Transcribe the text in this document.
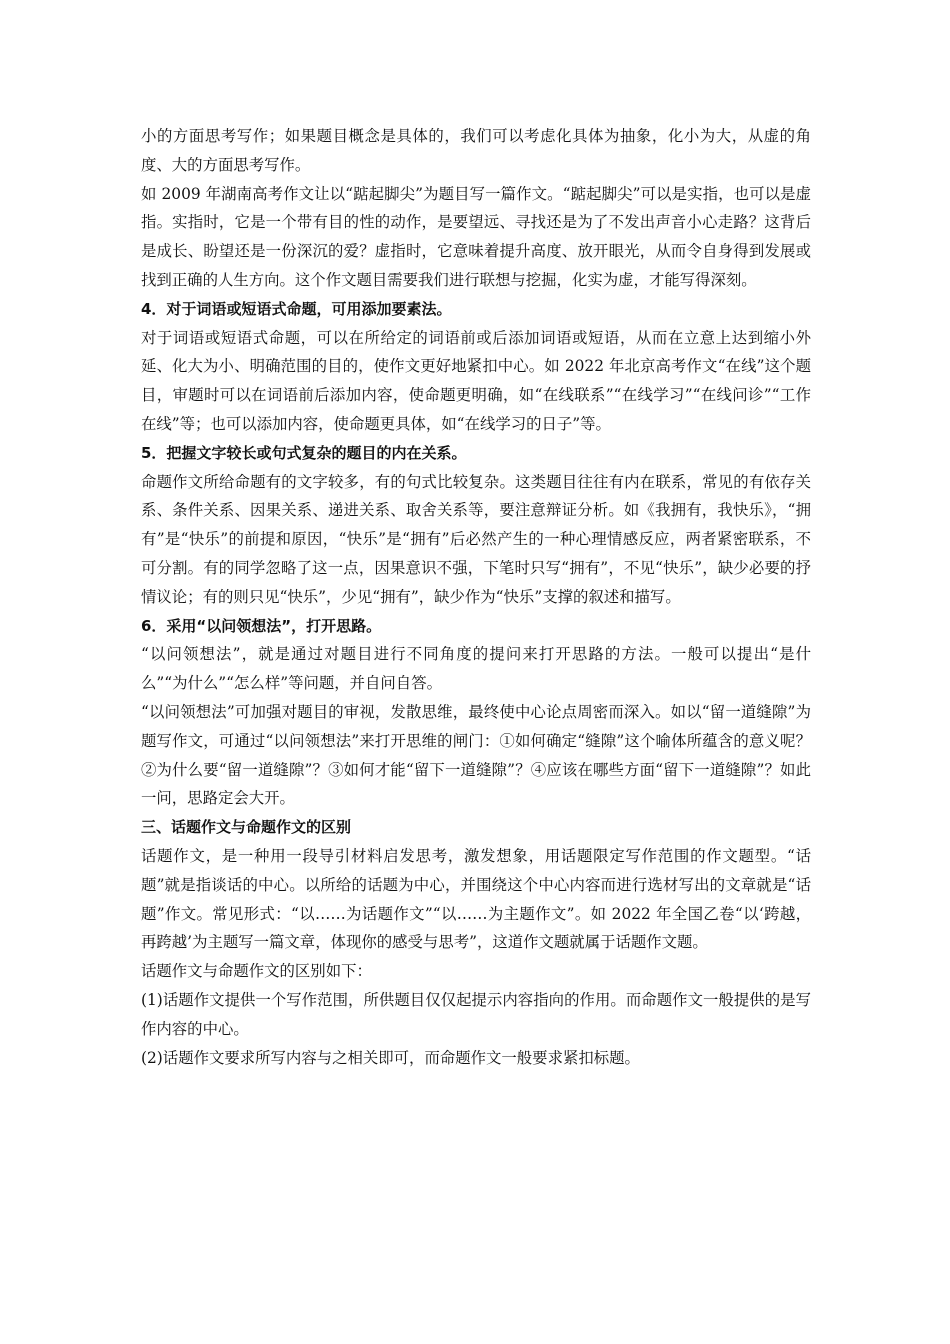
小的方面思考写作；如果题目概念是具体的，我们可以考虑化具体为抽象，化小为大，从虚的角度、大的方面思考写作。

如 2009 年湖南高考作文让以“踮起脚尖”为题目写一篇作文。“踮起脚尖”可以是实指，也可以是虚指。实指时，它是一个带有目的性的动作，是要望远、寻找还是为了不发出声音小心走路？这背后是成长、盼望还是一份深沉的爱？虚指时，它意味着提升高度、放开眼光，从而令自身得到发展或找到正确的人生方向。这个作文题目需要我们进行联想与挖掘，化实为虚，才能写得深刻。

4．对于词语或短语式命题，可用添加要素法。

对于词语或短语式命题，可以在所给定的词语前或后添加词语或短语，从而在立意上达到缩小外延、化大为小、明确范围的目的，使作文更好地紧扣中心。如 2022 年北京高考作文“在线”这个题目，审题时可以在词语前后添加内容，使命题更明确，如“在线联系”“在线学习”“在线问诊”“工作在线”等；也可以添加内容，使命题更具体，如“在线学习的日子”等。

5．把握文字较长或句式复杂的题目的内在关系。

命题作文所给命题有的文字较多，有的句式比较复杂。这类题目往往有内在联系，常见的有依存关系、条件关系、因果关系、递进关系、取舍关系等，要注意辩证分析。如《我拥有，我快乐》，“拥有”是“快乐”的前提和原因，“快乐”是“拥有”后必然产生的一种心理情感反应，两者紧密联系，不可分割。有的同学忽略了这一点，因果意识不强，下笔时只写“拥有”，不见“快乐”，缺少必要的抒情议论；有的则只见“快乐”，少见“拥有”，缺少作为“快乐”支撑的叙述和描写。

6．采用“以问领想法”，打开思路。

“以问领想法”，就是通过对题目进行不同角度的提问来打开思路的方法。一般可以提出“是什么”“为什么”“怎么样”等问题，并自问自答。

“以问领想法”可加强对题目的审视，发散思维，最终使中心论点周密而深入。如以“留一道缝隙”为题写作文，可通过“以问领想法”来打开思维的闸门：①如何确定“缝隙”这个喻体所蕴含的意义呢？②为什么要“留一道缝隙”？③如何才能“留下一道缝隙”？④应该在哪些方面“留下一道缝隙”？如此一问，思路定会大开。

三、话题作文与命题作文的区别

话题作文，是一种用一段导引材料启发思考，激发想象，用话题限定写作范围的作文题型。“话题”就是指谈话的中心。以所给的话题为中心，并围绕这个中心内容而进行选材写出的文章就是“话题”作文。常见形式：“以……为话题作文”“以……为主题作文”。如 2022 年全国乙卷“以‘跨越，再跨越’为主题写一篇文章，体现你的感受与思考”，这道作文题就属于话题作文题。

话题作文与命题作文的区别如下：

(1)话题作文提供一个写作范围，所供题目仅仅起提示内容指向的作用。而命题作文一般提供的是写作内容的中心。

(2)话题作文要求所写内容与之相关即可，而命题作文一般要求紧扣标题。
